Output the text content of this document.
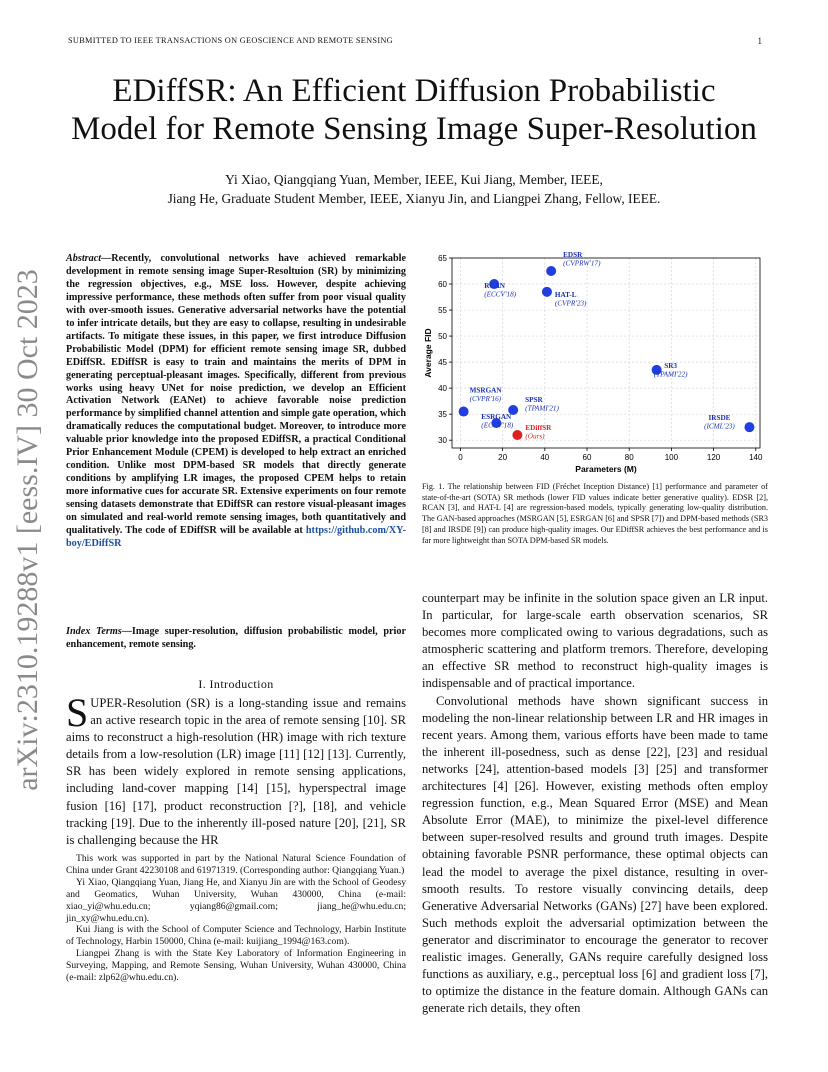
SUBMITTED TO IEEE TRANSACTIONS ON GEOSCIENCE AND REMOTE SENSING	1
EDiffSR: An Efficient Diffusion Probabilistic
Model for Remote Sensing Image Super-Resolution
Yi Xiao, Qiangqiang Yuan, Member, IEEE, Kui Jiang, Member, IEEE,
Jiang He, Graduate Student Member, IEEE, Xianyu Jin, and Liangpei Zhang, Fellow, IEEE.
arXiv:2310.19288v1 [eess.IV] 30 Oct 2023
Abstract—Recently, convolutional networks have achieved remarkable development in remote sensing image Super-Resoltuion (SR) by minimizing the regression objectives, e.g., MSE loss. However, despite achieving impressive performance, these methods often suffer from poor visual quality with over-smooth issues. Generative adversarial networks have the potential to infer intricate details, but they are easy to collapse, resulting in undesirable artifacts. To mitigate these issues, in this paper, we first introduce Diffusion Probabilistic Model (DPM) for efficient remote sensing image SR, dubbed EDiffSR. EDiffSR is easy to train and maintains the merits of DPM in generating perceptual-pleasant images. Specifically, different from previous works using heavy UNet for noise prediction, we develop an Efficient Activation Network (EANet) to achieve favorable noise prediction performance by simplified channel attention and simple gate operation, which dramatically reduces the computational budget. Moreover, to introduce more valuable prior knowledge into the proposed EDiffSR, a practical Conditional Prior Enhancement Module (CPEM) is developed to help extract an enriched condition. Unlike most DPM-based SR models that directly generate conditions by amplifying LR images, the proposed CPEM helps to retain more informative cues for accurate SR. Extensive experiments on four remote sensing datasets demonstrate that EDiffSR can restore visual-pleasant images on simulated and real-world remote sensing images, both quantitatively and qualitatively. The code of EDiffSR will be available at https://github.com/XY-boy/EDiffSR
Index Terms—Image super-resolution, diffusion probabilistic model, prior enhancement, remote sensing.
I. Introduction
SUPER-Resolution (SR) is a long-standing issue and remains an active research topic in the area of remote sensing [10]. SR aims to reconstruct a high-resolution (HR) image with rich texture details from a low-resolution (LR) image [11] [12] [13]. Currently, SR has been widely explored in remote sensing applications, including land-cover mapping [14] [15], hyperspectral image fusion [16] [17], product reconstruction [?], [18], and vehicle tracking [19]. Due to the inherently ill-posed nature [20], [21], SR is challenging because the HR

This work was supported in part by the National Natural Science Foundation of China under Grant 42230108 and 61971319. (Corresponding author: Qiangqiang Yuan.)

Yi Xiao, Qiangqiang Yuan, Jiang He, and Xianyu Jin are with the School of Geodesy and Geomatics, Wuhan University, Wuhan 430000, China (e-mail: xiao_yi@whu.edu.cn; yqiang86@gmail.com; jiang_he@whu.edu.cn; jin_xy@whu.edu.cn).

Kui Jiang is with the School of Computer Science and Technology, Harbin Institute of Technology, Harbin 150000, China (e-mail: kuijiang_1994@163.com).

Liangpei Zhang is with the State Key Laboratory of Information Engineering in Surveying, Mapping, and Remote Sensing, Wuhan University, Wuhan 430000, China (e-mail: zlp62@whu.edu.cn).

0	20	40	60	80	100	120	140
30
35
40
45
50
55
60
65
Parameters (M)
Average FID
EDSR
(CVPRW'17)
RCAN
(ECCV'18)	HAT-L
(CVPR'23)
SR3
(TPAMI'22)
MSRGAN
(CVPR'16)	SPSR
(TPAMI'21)
ESRGAN
(ECCV'18) EDiffSR
(Ours)
IRSDE
(ICML'23)
Fig. 1. The relationship between FID (Fréchet Inception Distance) [1] performance and parameter of state-of-the-art (SOTA) SR methods (lower FID values indicate better generative quality). EDSR [2], RCAN [3], and HAT-L [4] are regression-based models, typically generating low-quality distribution. The GAN-based approaches (MSRGAN [5], ESRGAN [6] and SPSR [7]) and DPM-based methods (SR3 [8] and IRSDE [9]) can produce high-quality images. Our EDiffSR achieves the best performance and is far more lightweight than SOTA DPM-based SR models.

counterpart may be infinite in the solution space given an LR input. In particular, for large-scale earth observation scenarios, SR becomes more complicated owing to various degradations, such as atmospheric scattering and platform tremors. Therefore, developing an effective SR method to reconstruct high-quality images is indispensable and of practical importance.

Convolutional methods have shown significant success in modeling the non-linear relationship between LR and HR images in recent years. Among them, various efforts have been made to tame the inherent ill-posedness, such as dense [22], [23] and residual networks [24], attention-based models [3] [25] and transformer architectures [4] [26]. However, existing methods often employ regression function, e.g., Mean Squared Error (MSE) and Mean Absolute Error (MAE), to minimize the pixel-level difference between super-resolved results and ground truth images. Despite obtaining favorable PSNR performance, these optimal objects can lead the model to average the pixel distance, resulting in over-smooth results. To restore visually convincing details, deep Generative Adversarial Networks (GANs) [27] have been explored. Such methods exploit the adversarial optimization between the generator and discriminator to encourage the generator to recover realistic images. Generally, GANs require carefully designed loss functions as auxiliary, e.g., perceptual loss [6] and gradient loss [7], to optimize the distance in the feature domain. Although GANs can generate rich details, they often
